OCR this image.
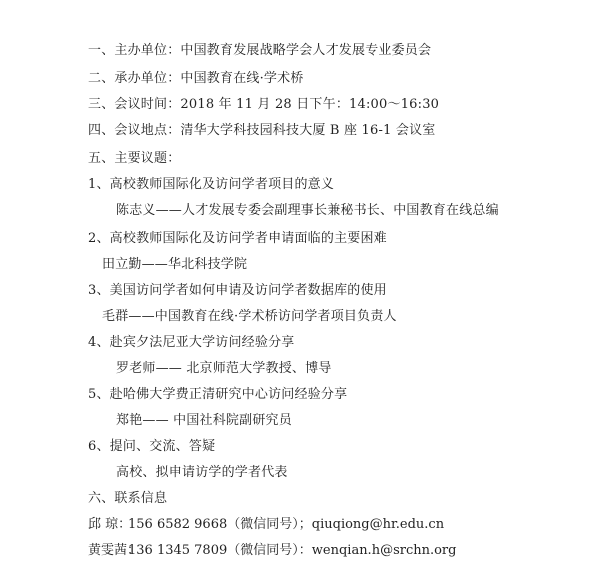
一、主办单位：中国教育发展战略学会人才发展专业委员会
二、承办单位：中国教育在线·学术桥
三、会议时间：2018 年 11 月 28 日下午：14:00～16:30
四、会议地点：清华大学科技园科技大厦 B 座 16-1 会议室
五、主要议题：
1、高校教师国际化及访问学者项目的意义
陈志义——人才发展专委会副理事长兼秘书长、中国教育在线总编
2、高校教师国际化及访问学者申请面临的主要困难
田立勤——华北科技学院
3、美国访问学者如何申请及访问学者数据库的使用
毛群——中国教育在线·学术桥访问学者项目负责人
4、赴宾夕法尼亚大学访问经验分享
罗老师—— 北京师范大学教授、博导
5、赴哈佛大学费正清研究中心访问经验分享
郑艳—— 中国社科院副研究员
6、提问、交流、答疑
高校、拟申请访学的学者代表
六、联系信息
邱 琼：156 6582 9668（微信同号）；qiuqiong@hr.edu.cn
黄雯茜：136 1345 7809（微信同号）：wenqian.h@srchn.org
